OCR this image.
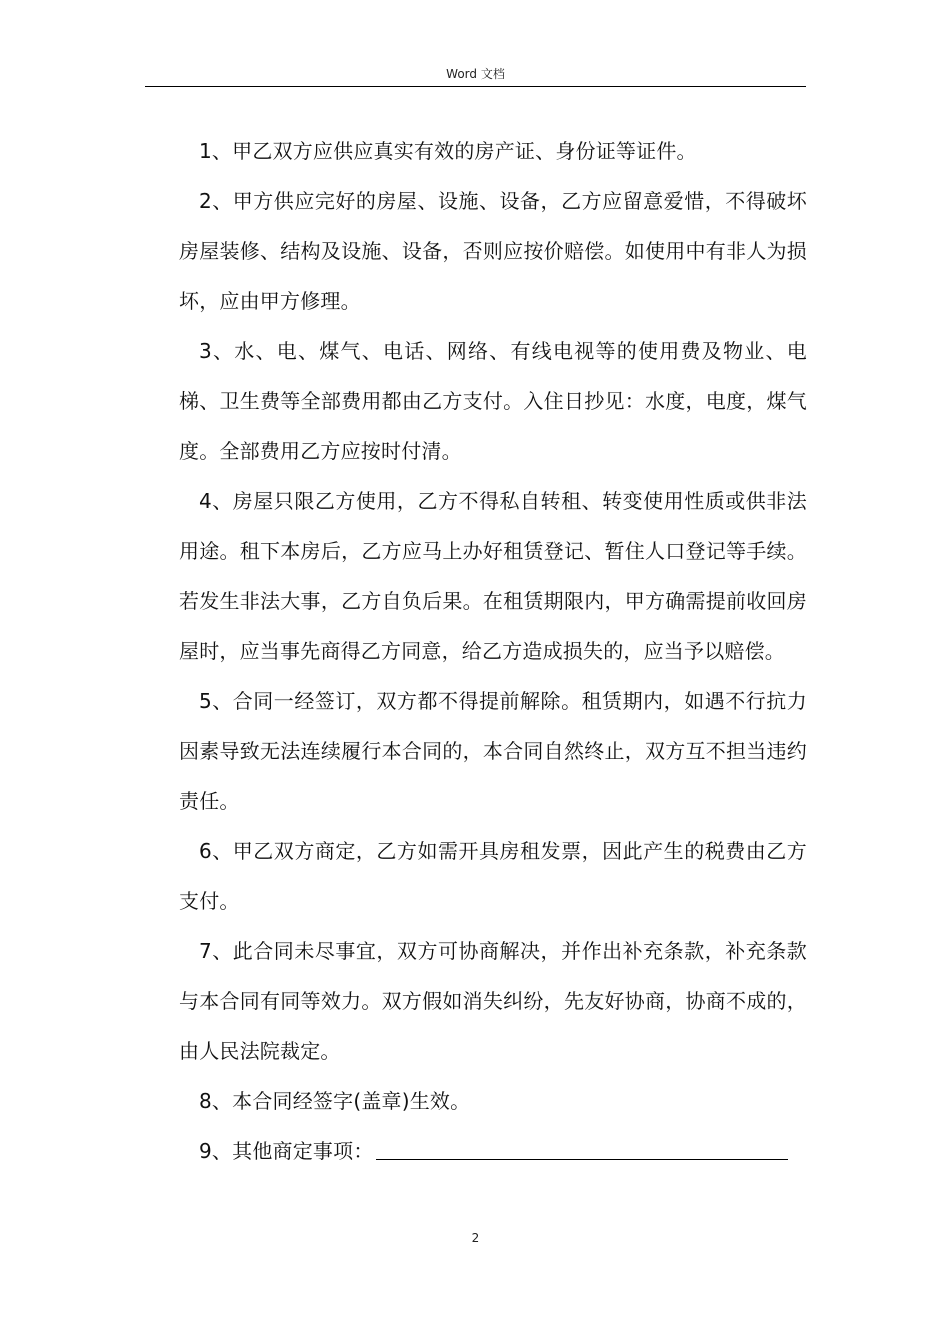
Word 文档

1、甲乙双方应供应真实有效的房产证、身份证等证件。

2、甲方供应完好的房屋、设施、设备，乙方应留意爱惜，不得破坏房屋装修、结构及设施、设备，否则应按价赔偿。如使用中有非人为损坏，应由甲方修理。

3、水、电、煤气、电话、网络、有线电视等的使用费及物业、电梯、卫生费等全部费用都由乙方支付。入住日抄见：水度，电度，煤气度。全部费用乙方应按时付清。

4、房屋只限乙方使用，乙方不得私自转租、转变使用性质或供非法用途。租下本房后，乙方应马上办好租赁登记、暂住人口登记等手续。若发生非法大事，乙方自负后果。在租赁期限内，甲方确需提前收回房屋时，应当事先商得乙方同意，给乙方造成损失的，应当予以赔偿。

5、合同一经签订，双方都不得提前解除。租赁期内，如遇不行抗力因素导致无法连续履行本合同的，本合同自然终止，双方互不担当违约责任。

6、甲乙双方商定，乙方如需开具房租发票，因此产生的税费由乙方支付。

7、此合同未尽事宜，双方可协商解决，并作出补充条款，补充条款与本合同有同等效力。双方假如消失纠纷，先友好协商，协商不成的，由人民法院裁定。

8、本合同经签字(盖章)生效。

9、其他商定事项：

2
